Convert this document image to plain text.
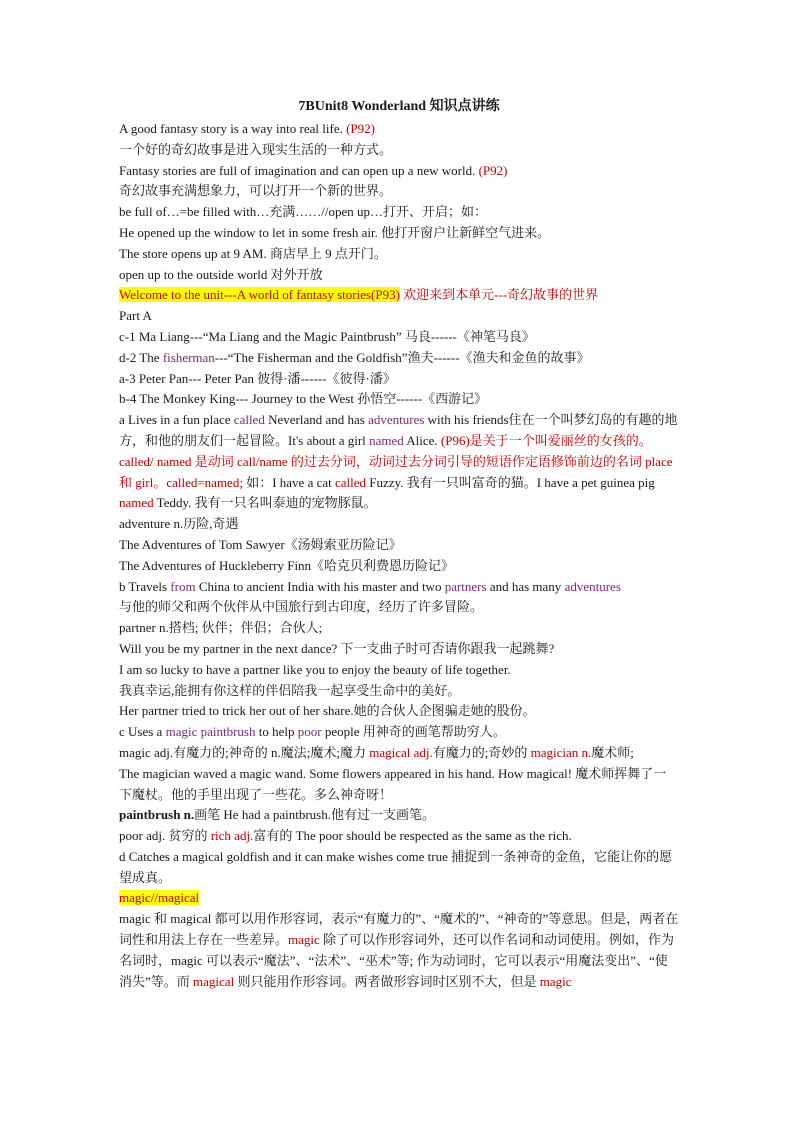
7BUnit8 Wonderland 知识点讲练
A good fantasy story is a way into real life. (P92)
一个好的奇幻故事是进入现实生活的一种方式。
Fantasy stories are full of imagination and can open up a new world. (P92)
奇幻故事充满想象力，可以打开一个新的世界。
be full of…=be filled with…充满……//open up…打开、开启；如：
He opened up the window to let in some fresh air. 他打开窗户让新鲜空气进来。
The store opens up at 9 AM. 商店早上 9 点开门。
open up to the outside world 对外开放
Welcome to the unit---A world of fantasy stories(P93) 欢迎来到本单元---奇幻故事的世界
Part A
c-1 Ma Liang---“Ma Liang and the Magic Paintbrush” 马良------《神笔马良》
d-2 The fisherman---“The Fisherman and the Goldfish”渔夫------《渔夫和金鱼的故事》
a-3 Peter Pan--- Peter Pan 彼得·潘------《彼得·潘》
b-4 The Monkey King--- Journey to the West 孙悟空------《西游记》
a Lives in a fun place called Neverland and has adventures with his friends住在一个叫梦幻岛的有趣的地方，和他的朋友们一起冒险。It's about a girl named Alice. (P96)是关于一个叫爱丽丝的女孩的。
called/ named 是动词 call/name 的过去分词，动词过去分词引导的短语作定语修饰前边的名词 place 和 girl。called=named; 如：I have a cat called Fuzzy. 我有一只叫富奇的猫。I have a pet guinea pig named Teddy. 我有一只名叫泰迪的宠物豚鼠。
adventure n.历险,奇遇
The Adventures of Tom Sawyer《汤姆索亚历险记》
The Adventures of Huckleberry Finn《哈克贝利费恩历险记》
b Travels from China to ancient India with his master and two partners and has many adventures
与他的师父和两个伙伴从中国旅行到古印度，经历了许多冒险。
partner n.搭档; 伙伴；伴侣；合伙人;
Will you be my partner in the next dance? 下一支曲子时可否请你跟我一起跳舞?
I am so lucky to have a partner like you to enjoy the beauty of life together.
我真幸运,能拥有你这样的伴侣陪我一起享受生命中的美好。
Her partner tried to trick her out of her share.她的合伙人企图骗走她的股份。
c Uses a magic paintbrush to help poor people 用神奇的画笔帮助穷人。
magic adj.有魔力的;神奇的 n.魔法;魔术;魔力 magical adj.有魔力的;奇妙的 magician n.魔术师;
The magician waved a magic wand. Some flowers appeared in his hand. How magical! 魔术师挥舞了一下魔杖。他的手里出现了一些花。多么神奇呀！
paintbrush n.画笔 He had a paintbrush.他有过一支画笔。
poor adj. 贫穷的 rich adj.富有的 The poor should be respected as the same as the rich.
d Catches a magical goldfish and it can make wishes come true 捕捉到一条神奇的金鱼，它能让你的愿望成真。
magic//magical
magic 和 magical 都可以用作形容词，表示“有魔力的”、“魔术的”、“神奇的”等意思。但是，两者在词性和用法上存在一些差异。magic 除了可以作形容词外，还可以作名词和动词使用。例如，作为名词时，magic 可以表示“魔法”、“法术”、“巫术”等; 作为动词时，它可以表示“用魔法变出”、“使消失”等。而 magical 则只能用作形容词。两者做形容词时区别不大，但是 magic
